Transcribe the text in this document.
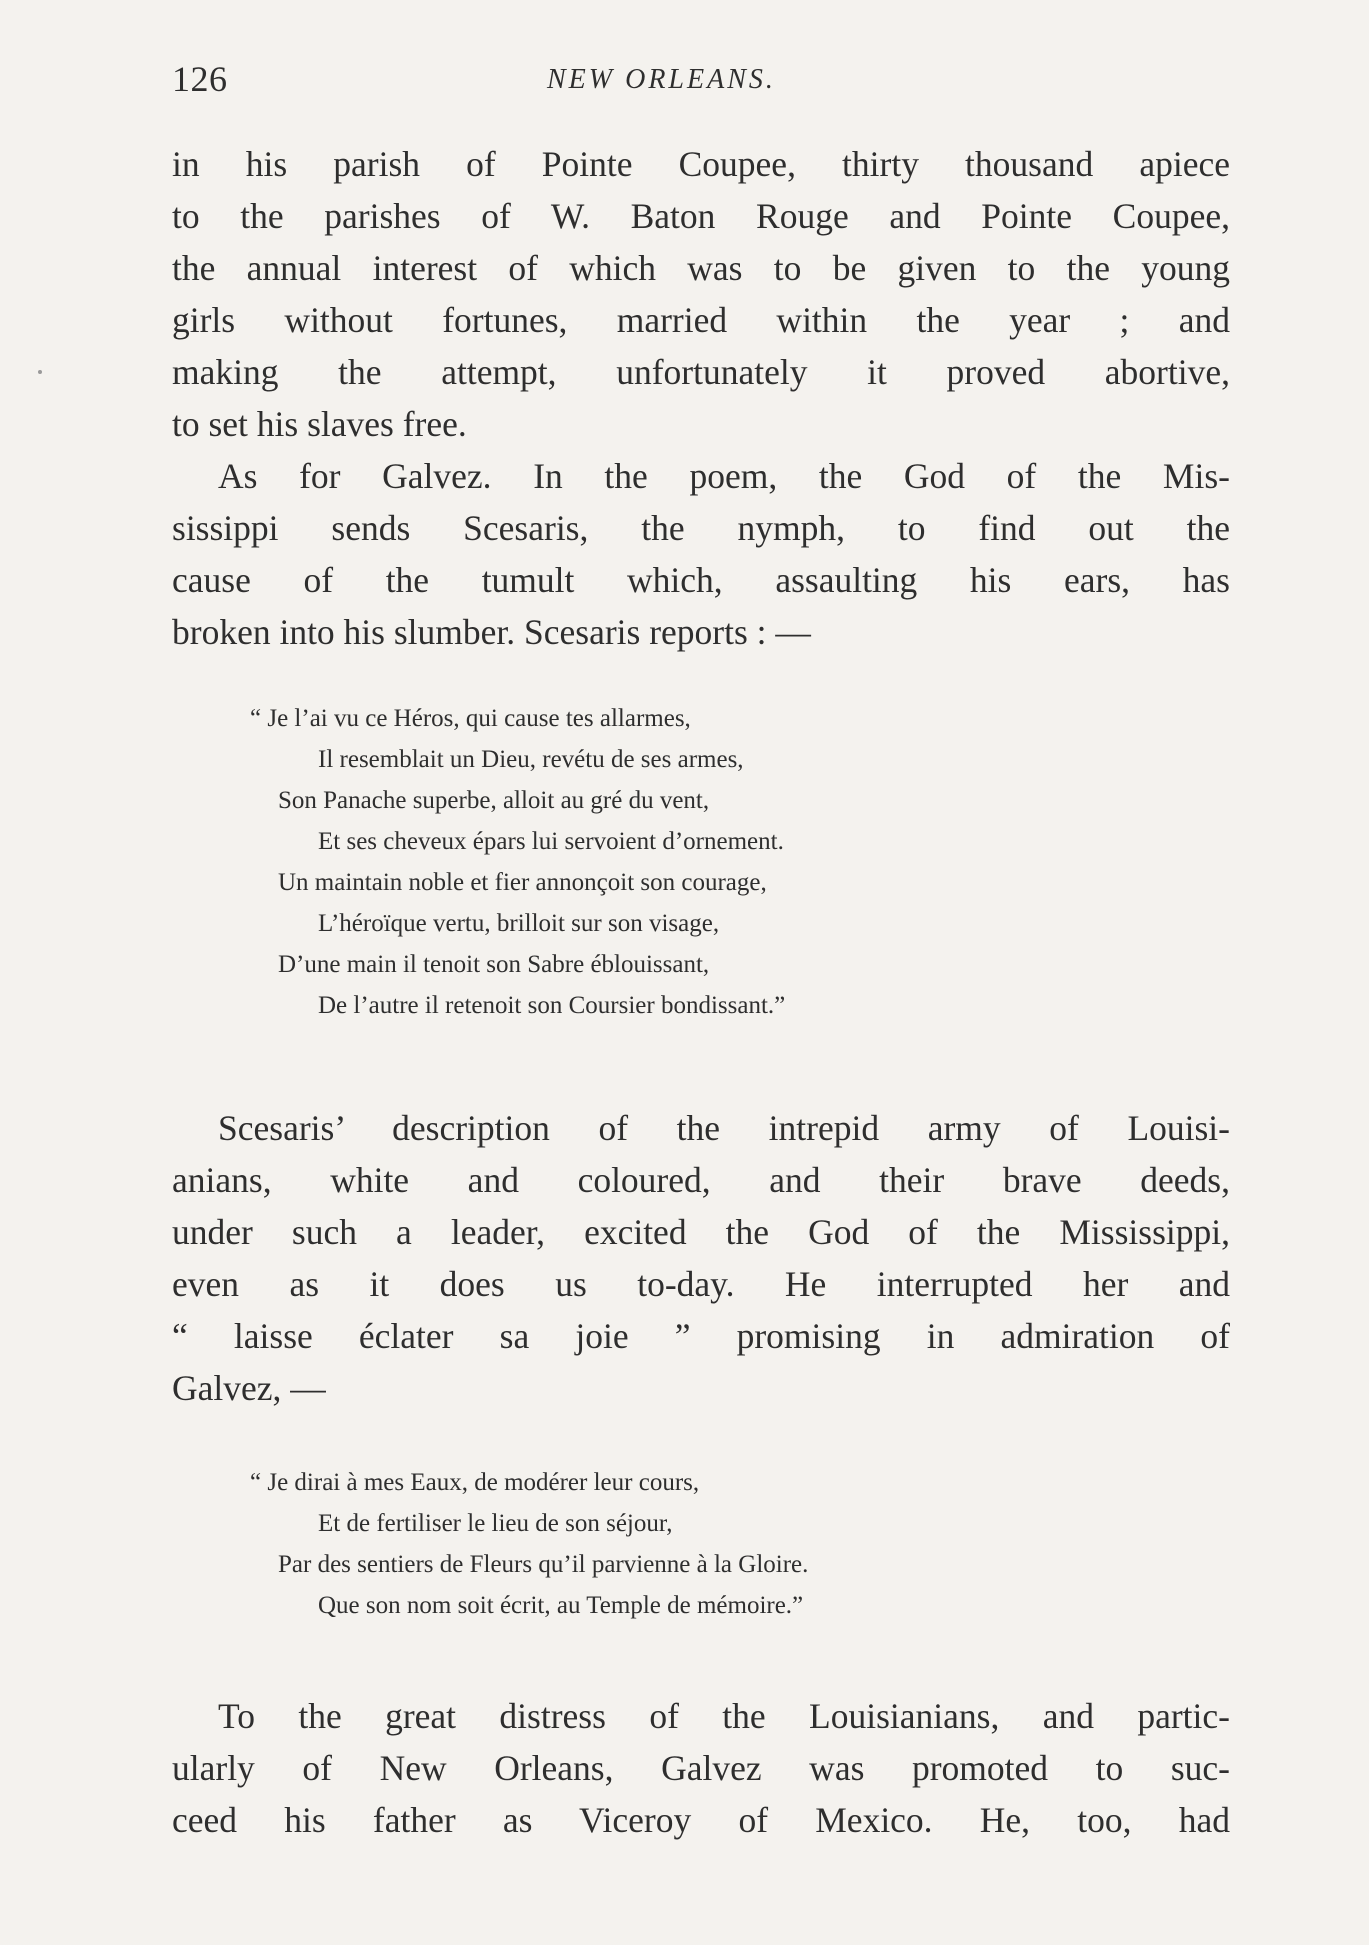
126	NEW ORLEANS.
in his parish of Pointe Coupee, thirty thousand apiece
to the parishes of W. Baton Rouge and Pointe Coupee,
the annual interest of which was to be given to the young
girls without fortunes, married within the year ; and
making the attempt, unfortunately it proved abortive,
to set his slaves free.
As for Galvez. In the poem, the God of the Mis-
sissippi sends Scesaris, the nymph, to find out the
cause of the tumult which, assaulting his ears, has
broken into his slumber. Scesaris reports : —
“ Je l’ai vu ce Héros, qui cause tes allarmes,
Il resemblait un Dieu, revétu de ses armes,
Son Panache superbe, alloit au gré du vent,
Et ses cheveux épars lui servoient d’ornement.
Un maintain noble et fier annonçoit son courage,
L’héroïque vertu, brilloit sur son visage,
D’une main il tenoit son Sabre éblouissant,
De l’autre il retenoit son Coursier bondissant.”
Scesaris’ description of the intrepid army of Louisi-
anians, white and coloured, and their brave deeds,
under such a leader, excited the God of the Mississippi,
even as it does us to-day. He interrupted her and
“ laisse éclater sa joie ” promising in admiration of
Galvez, —
“ Je dirai à mes Eaux, de modérer leur cours,
Et de fertiliser le lieu de son séjour,
Par des sentiers de Fleurs qu’il parvienne à la Gloire.
Que son nom soit écrit, au Temple de mémoire.”
To the great distress of the Louisianians, and partic-
ularly of New Orleans, Galvez was promoted to suc-
ceed his father as Viceroy of Mexico. He, too, had
